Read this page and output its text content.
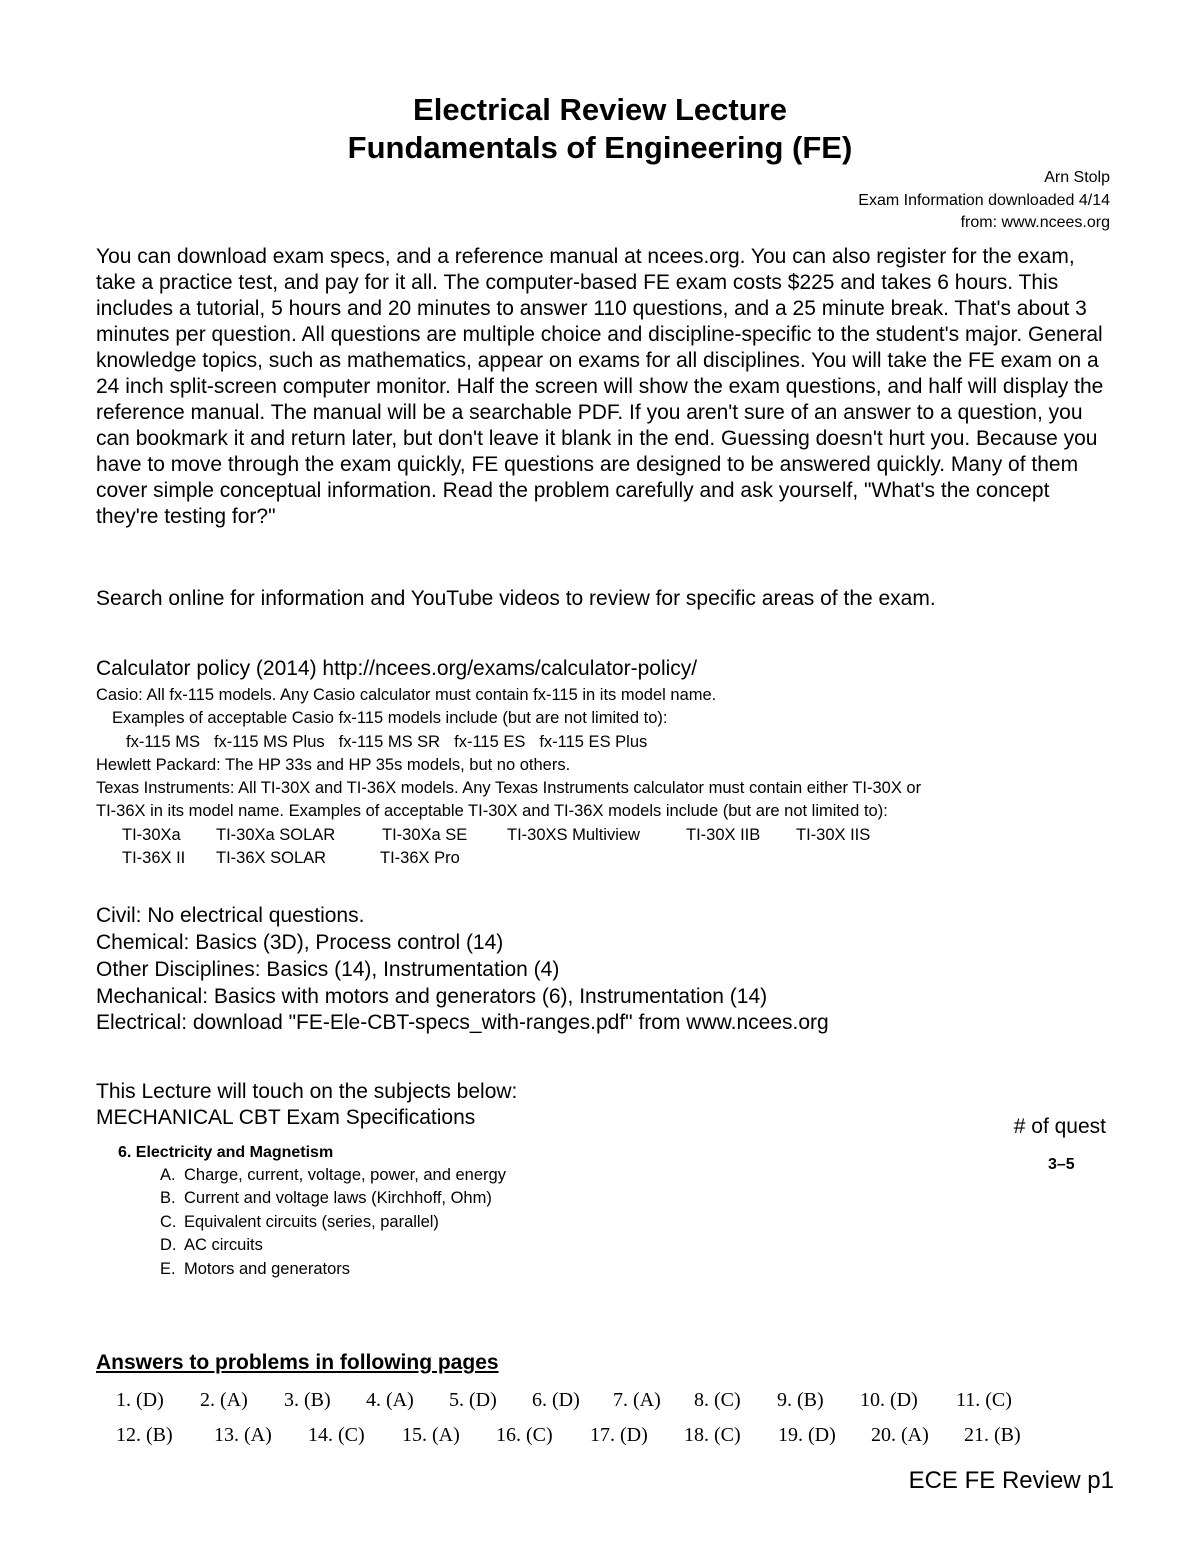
Electrical Review Lecture
Fundamentals of Engineering (FE)
Arn Stolp
Exam Information downloaded 4/14
from: www.ncees.org
You can download exam specs, and a reference manual at ncees.org. You can also register for the exam, take a practice test, and pay for it all. The computer-based FE exam costs $225 and takes 6 hours. This includes a tutorial, 5 hours and 20 minutes to answer 110 questions, and a 25 minute break. That's about 3 minutes per question. All questions are multiple choice and discipline-specific to the student's major. General knowledge topics, such as mathematics, appear on exams for all disciplines. You will take the FE exam on a 24 inch split-screen computer monitor. Half the screen will show the exam questions, and half will display the reference manual. The manual will be a searchable PDF. If you aren't sure of an answer to a question, you can bookmark it and return later, but don't leave it blank in the end. Guessing doesn't hurt you. Because you have to move through the exam quickly, FE questions are designed to be answered quickly. Many of them cover simple conceptual information. Read the problem carefully and ask yourself, "What's the concept they're testing for?"
Search online for information and YouTube videos to review for specific areas of the exam.
Calculator policy (2014) http://ncees.org/exams/calculator-policy/
Casio: All fx-115 models. Any Casio calculator must contain fx-115 in its model name.
Examples of acceptable Casio fx-115 models include (but are not limited to):
fx-115 MS fx-115 MS Plus fx-115 MS SR fx-115 ES fx-115 ES Plus
Hewlett Packard: The HP 33s and HP 35s models, but no others.
Texas Instruments: All TI-30X and TI-36X models. Any Texas Instruments calculator must contain either TI-30X or
TI-36X in its model name. Examples of acceptable TI-30X and TI-36X models include (but are not limited to):
TI-30Xa TI-30Xa SOLAR	TI-30Xa SE TI-30XS Multiview	TI-30X IIB TI-30X IIS
TI-36X II TI-36X SOLAR	TI-36X Pro
Civil: No electrical questions.
Chemical: Basics (3D), Process control (14)
Other Disciplines: Basics (14), Instrumentation (4)
Mechanical: Basics with motors and generators (6), Instrumentation (14)
Electrical: download "FE-Ele-CBT-specs_with-ranges.pdf" from www.ncees.org
This Lecture will touch on the subjects below:
MECHANICAL CBT Exam Specifications	# of quest
6. Electricity and Magnetism
3–5
A. Charge, current, voltage, power, and energy
B. Current and voltage laws (Kirchhoff, Ohm)
C. Equivalent circuits (series, parallel)
D. AC circuits
E. Motors and generators
Answers to problems in following pages
1. (D) 2. (A) 3. (B) 4. (A) 5. (D) 6. (D) 7. (A) 8. (C) 9. (B) 10. (D) 11. (C)
12. (B) 13. (A) 14. (C) 15. (A) 16. (C) 17. (D) 18. (C) 19. (D) 20. (A) 21. (B)
ECE FE Review p1
